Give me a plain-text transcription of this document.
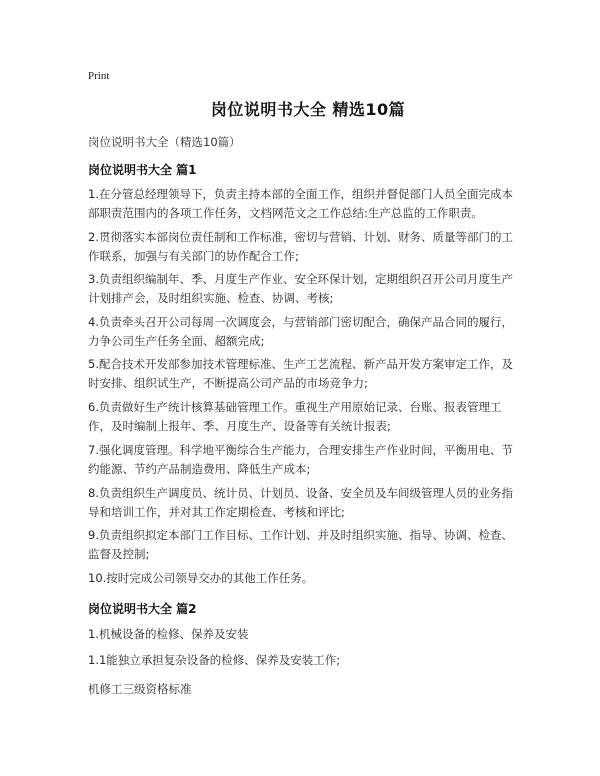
Print
岗位说明书大全 精选10篇
岗位说明书大全（精选10篇）
岗位说明书大全 篇1
1.在分管总经理领导下，负责主持本部的全面工作，组织并督促部门人员全面完成本部职责范围内的各项工作任务，文档网范文之工作总结:生产总监的工作职责。
2.贯彻落实本部岗位责任制和工作标准，密切与营销、计划、财务、质量等部门的工作联系，加强与有关部门的协作配合工作;
3.负责组织编制年、季、月度生产作业、安全环保计划，定期组织召开公司月度生产计划排产会，及时组织实施、检查、协调、考核;
4.负责牵头召开公司每周一次调度会，与营销部门密切配合，确保产品合同的履行，力争公司生产任务全面、超额完成;
5.配合技术开发部参加技术管理标准、生产工艺流程、新产品开发方案审定工作，及时安排、组织试生产，不断提高公司产品的市场竞争力;
6.负责做好生产统计核算基础管理工作。重视生产用原始记录、台账、报表管理工作，及时编制上报年、季、月度生产、设备等有关统计报表;
7.强化调度管理。科学地平衡综合生产能力，合理安排生产作业时间，平衡用电、节约能源、节约产品制造费用、降低生产成本;
8.负责组织生产调度员、统计员、计划员、设备、安全员及车间级管理人员的业务指导和培训工作，并对其工作定期检查、考核和评比;
9.负责组织拟定本部门工作目标、工作计划、并及时组织实施、指导、协调、检查、监督及控制;
10.按时完成公司领导交办的其他工作任务。
岗位说明书大全 篇2
1.机械设备的检修、保养及安装
1.1能独立承担复杂设备的检修、保养及安装工作;
机修工三级资格标准
